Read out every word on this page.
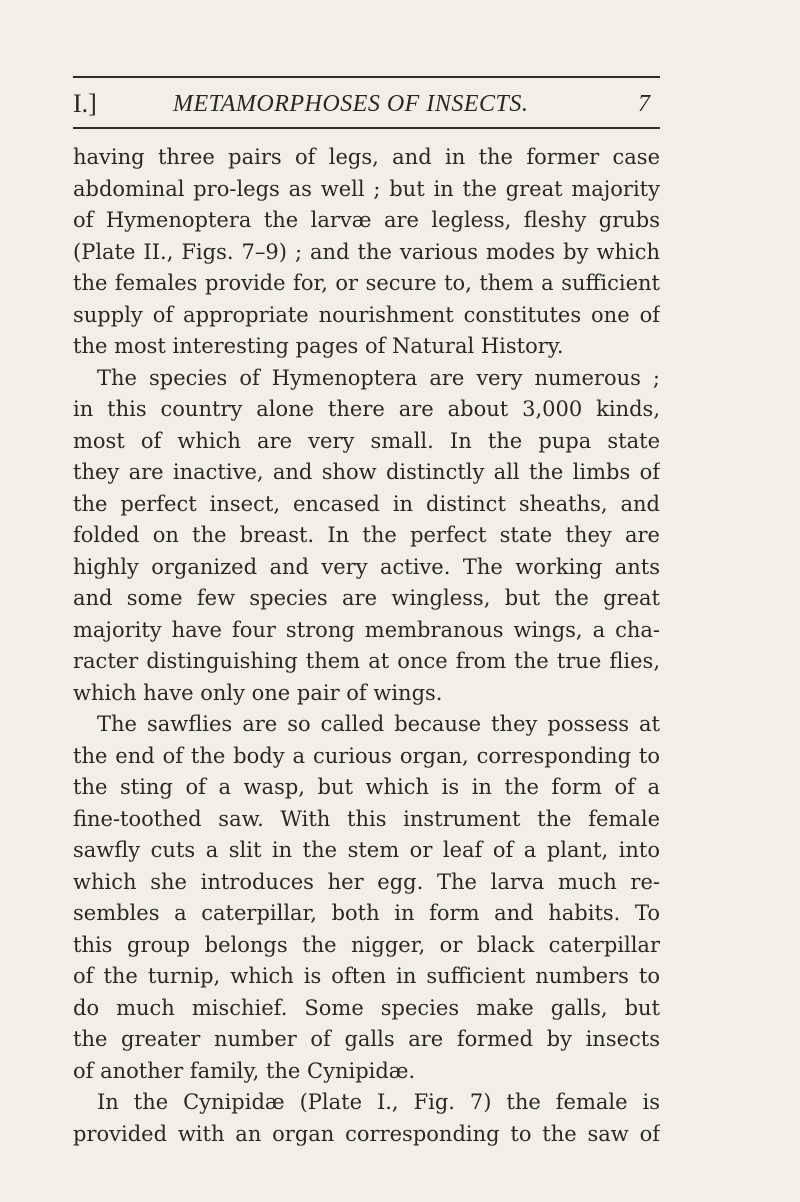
I.]	METAMORPHOSES OF INSECTS.	7
having three pairs of legs, and in the former case
abdominal pro-legs as well ; but in the great majority
of Hymenoptera the larvæ are legless, fleshy grubs
(Plate II., Figs. 7–9) ; and the various modes by which
the females provide for, or secure to, them a sufficient
supply of appropriate nourishment constitutes one of
the most interesting pages of Natural History.
The species of Hymenoptera are very numerous ;
in this country alone there are about 3,000 kinds,
most of which are very small. In the pupa state
they are inactive, and show distinctly all the limbs of
the perfect insect, encased in distinct sheaths, and
folded on the breast. In the perfect state they are
highly organized and very active. The working ants
and some few species are wingless, but the great
majority have four strong membranous wings, a cha-
racter distinguishing them at once from the true flies,
which have only one pair of wings.
The sawflies are so called because they possess at
the end of the body a curious organ, corresponding to
the sting of a wasp, but which is in the form of a
fine-toothed saw. With this instrument the female
sawfly cuts a slit in the stem or leaf of a plant, into
which she introduces her egg. The larva much re-
sembles a caterpillar, both in form and habits. To
this group belongs the nigger, or black caterpillar
of the turnip, which is often in sufficient numbers to
do much mischief. Some species make galls, but
the greater number of galls are formed by insects
of another family, the Cynipidæ.
In the Cynipidæ (Plate I., Fig. 7) the female is
provided with an organ corresponding to the saw of
